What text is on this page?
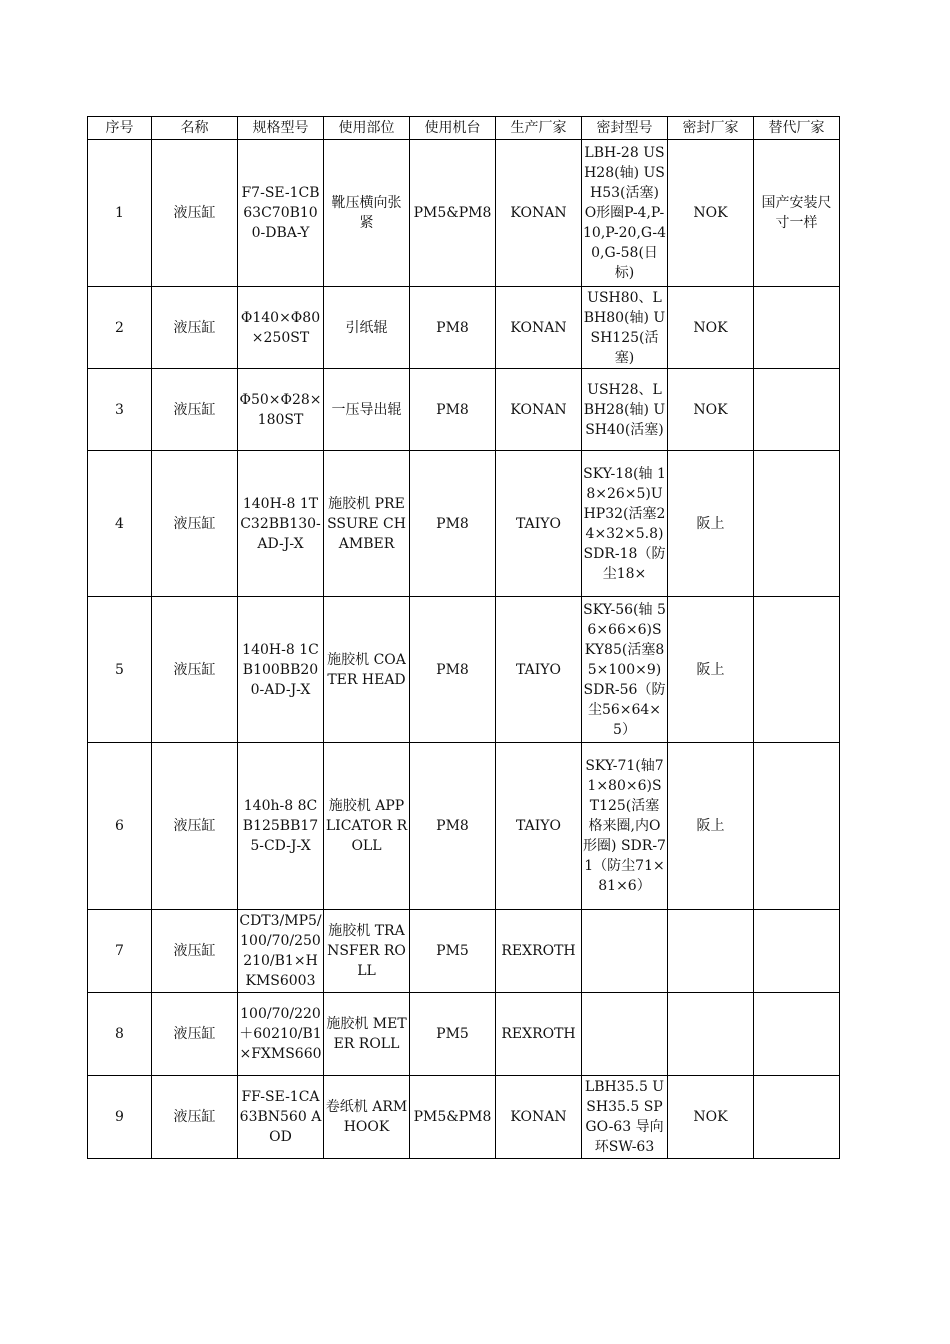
序号	名称	规格型号	使用部位	使用机台	生产厂家	密封型号	密封厂家	替代厂家
1	液压缸	F7-SE-1CB63C70B100-DBA-Y	靴压横向张紧	PM5&PM8	KONAN	LBH-28 USH28(轴) USH53(活塞) O形圈P-4,P-10,P-20,G-40,G-58(日标)	NOK	国产安装尺寸一样
2	液压缸	Φ140×Φ80×250ST	引纸辊	PM8	KONAN	USH80、LBH80(轴) USH125(活塞)	NOK	
3	液压缸	Φ50×Φ28×180ST	一压导出辊	PM8	KONAN	USH28、LBH28(轴) USH40(活塞)	NOK	
4	液压缸	140H-8 1TC32BB130-AD-J-X	施胶机 PRESSURE CHAMBER	PM8	TAIYO	SKY-18(轴 18×26×5)UHP32(活塞24×32×5.8) SDR-18（防尘18×	阪上	
5	液压缸	140H-8 1CB100BB200-AD-J-X	施胶机 COATER HEAD	PM8	TAIYO	SKY-56(轴 56×66×6)SKY85(活塞85×100×9) SDR-56（防尘56×64×5）	阪上	
6	液压缸	140h-8 8CB125BB175-CD-J-X	施胶机 APPLICATOR ROLL	PM8	TAIYO	SKY-71(轴71×80×6)ST125(活塞格来圈,内O形圈) SDR-71（防尘71×81×6）	阪上	
7	液压缸	CDT3/MP5/100/70/250210/B1×HKMS6003	施胶机 TRANSFER ROLL	PM5	REXROTH			
8	液压缸	100/70/220＋60210/B1×FXMS660	施胶机 METER ROLL	PM5	REXROTH			
9	液压缸	FF-SE-1CA63BN560 AOD	卷纸机 ARM HOOK	PM5&PM8	KONAN	LBH35.5 USH35.5 SPGO-63 导向环SW-63	NOK	
